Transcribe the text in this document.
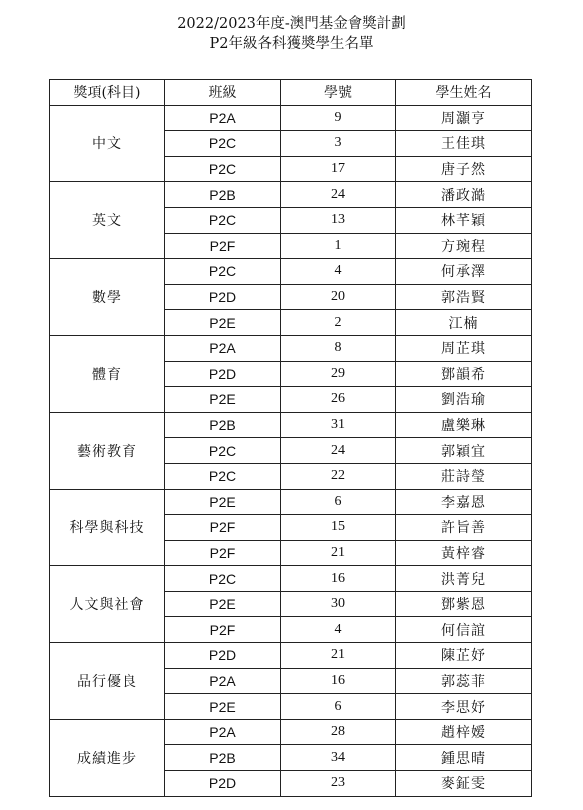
2022/2023年度-澳門基金會獎計劃
P2年級各科獲奬學生名單
獎項(科目)	班級	學號	學生姓名
中文	P2A	9	周灝亨
	P2C	3	王佳琪
	P2C	17	唐子然
英文	P2B	24	潘政澔
	P2C	13	林芊穎
	P2F	1	方琬程
數學	P2C	4	何承澤
	P2D	20	郭浩賢
	P2E	2	江楠
體育	P2A	8	周芷琪
	P2D	29	鄧韻希
	P2E	26	劉浩瑜
藝術教育	P2B	31	盧樂琳
	P2C	24	郭穎宜
	P2C	22	莊詩瑩
科學與科技	P2E	6	李嘉恩
	P2F	15	許旨善
	P2F	21	黃梓睿
人文與社會	P2C	16	洪菁兒
	P2E	30	鄧紫恩
	P2F	4	何信誼
品行優良	P2D	21	陳芷妤
	P2A	16	郭蕊菲
	P2E	6	李思妤
成績進步	P2A	28	趙梓嫒
	P2B	34	鍾思晴
	P2D	23	麥鉦雯
